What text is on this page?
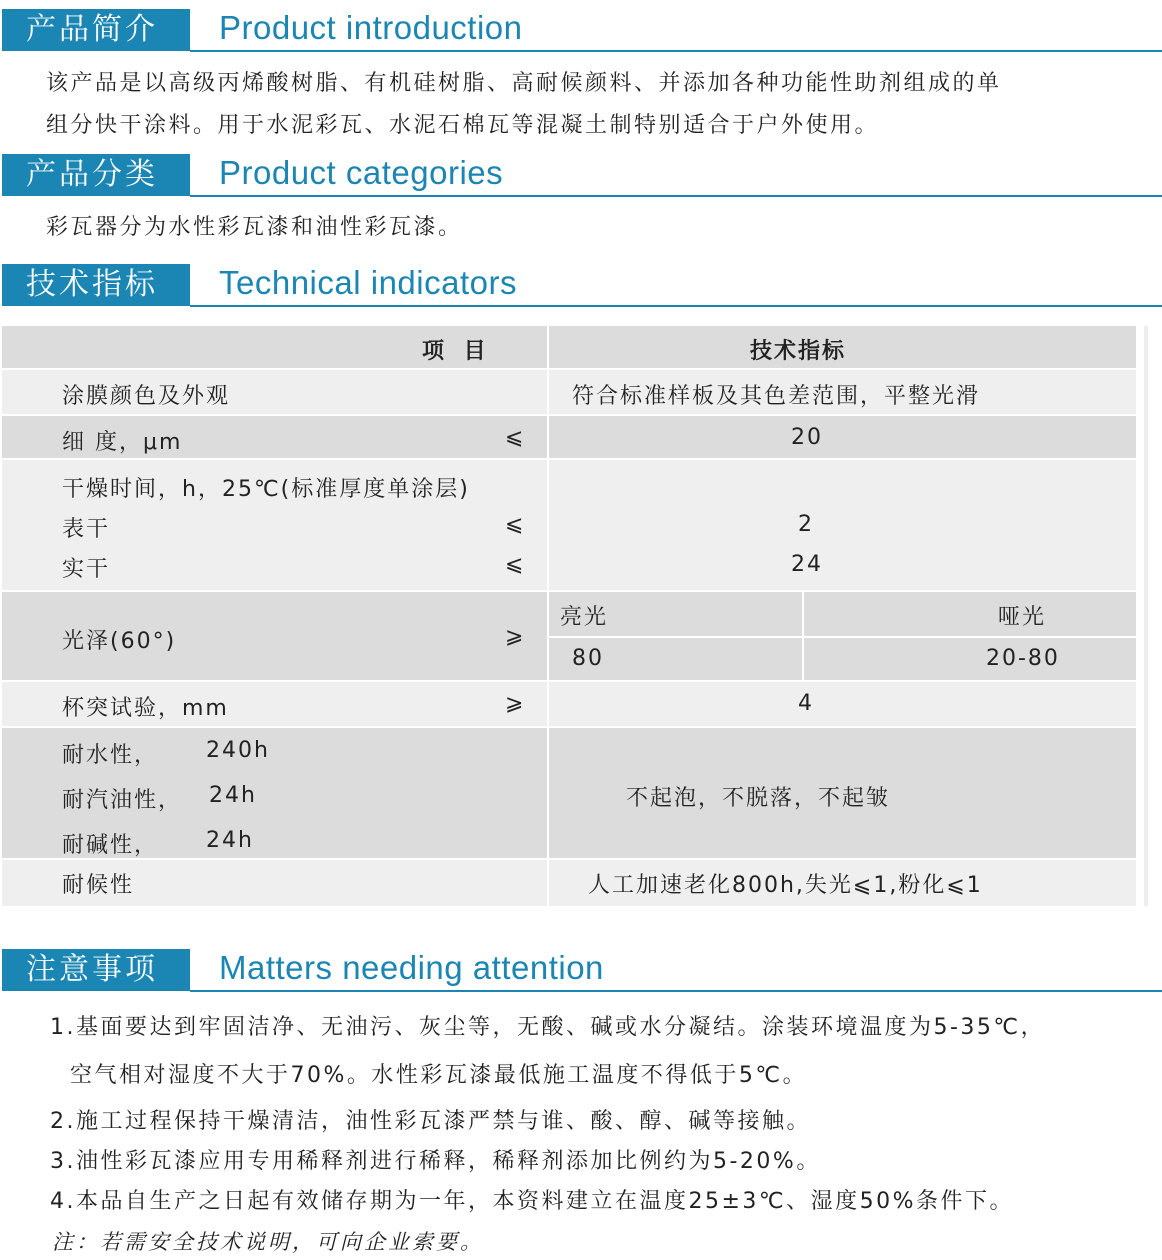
产品简介	Product introduction
该产品是以高级丙烯酸树脂、有机硅树脂、高耐候颜料、并添加各种功能性助剂组成的单
组分快干涂料。用于水泥彩瓦、水泥石棉瓦等混凝土制特别适合于户外使用。
产品分类	Product categories
彩瓦器分为水性彩瓦漆和油性彩瓦漆。
技术指标	Technical indicators
项 目	技术指标
涂膜颜色及外观	符合标准样板及其色差范围，平整光滑
细 度，μm	⩽	20
干燥时间，h，25℃(标准厚度单涂层)
表干	⩽	2
实干	⩽	24
光泽(60°)	⩾
亮光	哑光
80	20-80
杯突试验，mm	⩾	4
耐水性， 240h
耐汽油性， 24h
耐碱性， 24h
不起泡，不脱落，不起皱
耐候性	人工加速老化800h,失光⩽1,粉化⩽1
注意事项	Matters needing attention
1.基面要达到牢固洁净、无油污、灰尘等，无酸、碱或水分凝结。涂装环境温度为5-35℃，
空气相对湿度不大于70%。水性彩瓦漆最低施工温度不得低于5℃。
2.施工过程保持干燥清洁，油性彩瓦漆严禁与谁、酸、醇、碱等接触。
3.油性彩瓦漆应用专用稀释剂进行稀释，稀释剂添加比例约为5-20%。
4.本品自生产之日起有效储存期为一年，本资料建立在温度25±3℃、湿度50%条件下。
注：若需安全技术说明，可向企业索要。
